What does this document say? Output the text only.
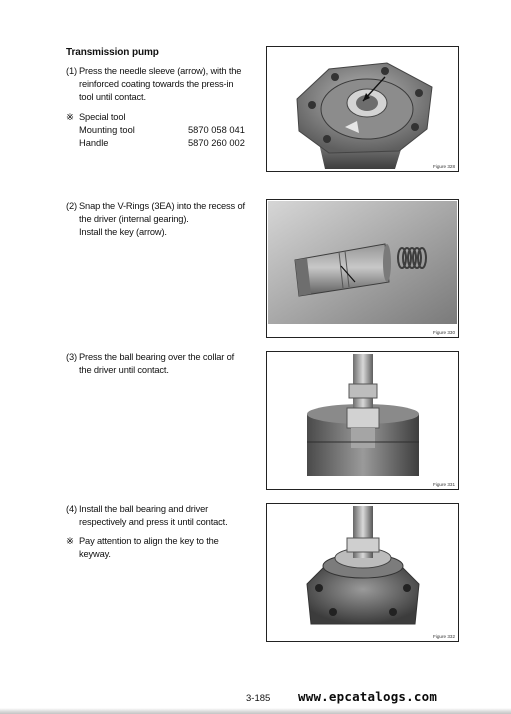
Transmission pump
(1) Press the needle sleeve (arrow), with the
reinforced coating towards the press-in
tool until contact.
※ Special tool
Mounting tool	5870 058 041
Handle	5870 260 002
(2) Snap the V-Rings (3EA) into the recess of
the driver (internal gearing).
Install the key (arrow).
(3) Press the ball bearing over the collar of
the driver until contact.
(4) Install the ball bearing and driver
respectively and press it until contact.
※ Pay attention to align the key to the
keyway.
Figure 328
Figure 330
Figure 331
Figure 332
3-185 www.epcatalogs.com
